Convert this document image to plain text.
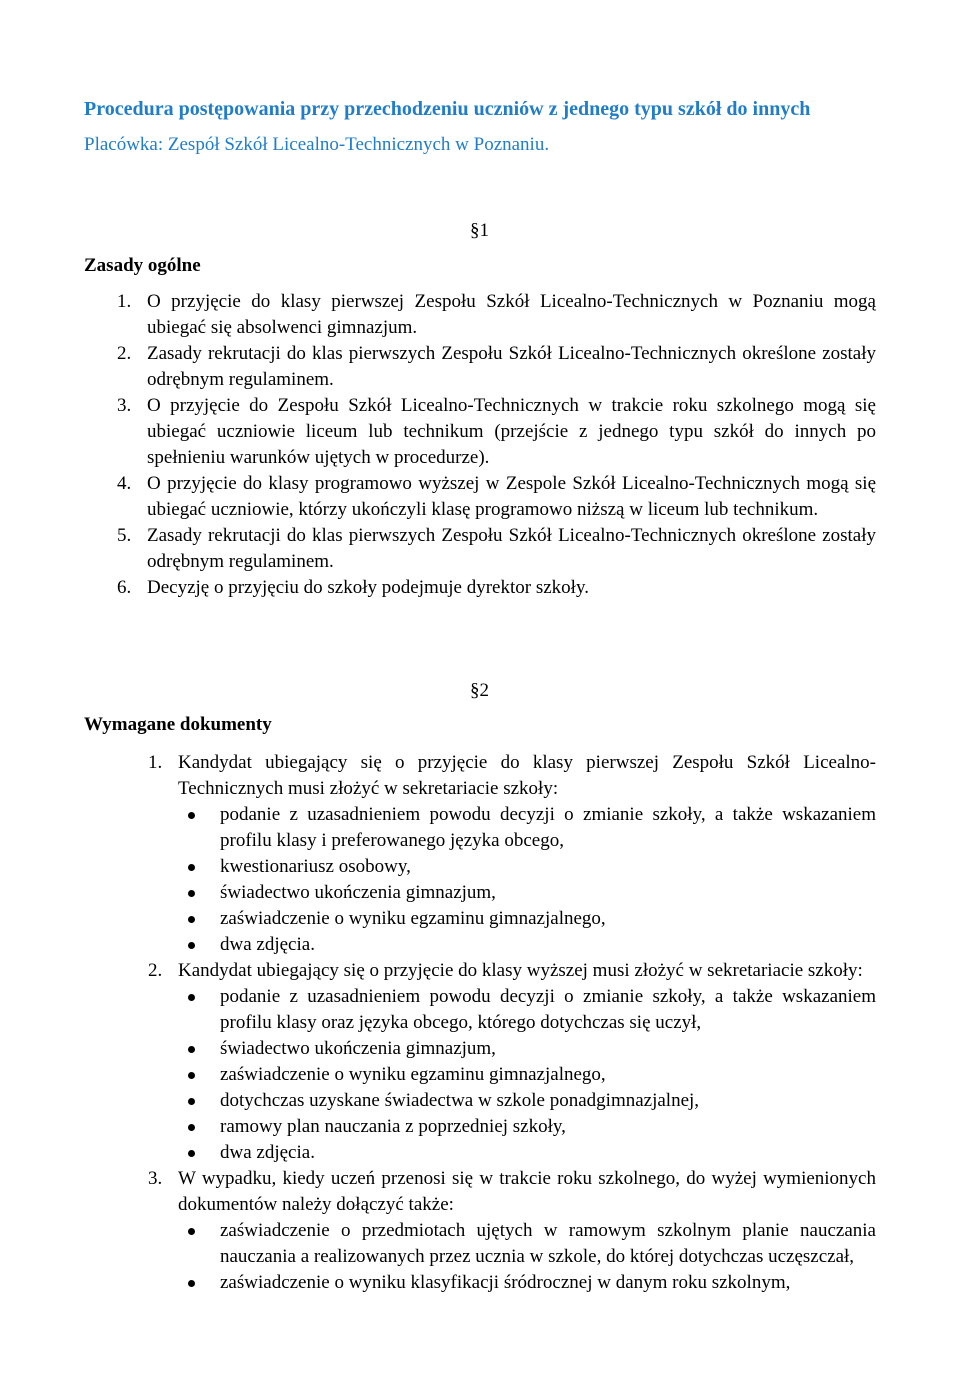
Procedura postępowania przy przechodzeniu uczniów z jednego typu szkół do innych
Placówka: Zespół Szkół Licealno-Technicznych w Poznaniu.
§1
Zasady ogólne
1. O przyjęcie do klasy pierwszej Zespołu Szkół Licealno-Technicznych w Poznaniu mogą ubiegać się absolwenci gimnazjum.
2. Zasady rekrutacji do klas pierwszych Zespołu Szkół Licealno-Technicznych określone zostały odrębnym regulaminem.
3. O przyjęcie do Zespołu Szkół Licealno-Technicznych w trakcie roku szkolnego mogą się ubiegać uczniowie liceum lub technikum (przejście z jednego typu szkół do innych po spełnieniu warunków ujętych w procedurze).
4. O przyjęcie do klasy programowo wyższej w Zespole Szkół Licealno-Technicznych mogą się ubiegać uczniowie, którzy ukończyli klasę programowo niższą w liceum lub technikum.
5. Zasady rekrutacji do klas pierwszych Zespołu Szkół Licealno-Technicznych określone zostały odrębnym regulaminem.
6. Decyzję o przyjęciu do szkoły podejmuje dyrektor szkoły.
§2
Wymagane dokumenty
1. Kandydat ubiegający się o przyjęcie do klasy pierwszej Zespołu Szkół Licealno-Technicznych musi złożyć w sekretariacie szkoły:
podanie z uzasadnieniem powodu decyzji o zmianie szkoły, a także wskazaniem profilu klasy i preferowanego języka obcego,
kwestionariusz osobowy,
świadectwo ukończenia gimnazjum,
zaświadczenie o wyniku egzaminu gimnazjalnego,
dwa zdjęcia.
2. Kandydat ubiegający się o przyjęcie do klasy wyższej musi złożyć w sekretariacie szkoły:
podanie z uzasadnieniem powodu decyzji o zmianie szkoły, a także wskazaniem profilu klasy oraz języka obcego, którego dotychczas się uczył,
świadectwo ukończenia gimnazjum,
zaświadczenie o wyniku egzaminu gimnazjalnego,
dotychczas uzyskane świadectwa w szkole ponadgimnazjalnej,
ramowy plan nauczania z poprzedniej szkoły,
dwa zdjęcia.
3. W wypadku, kiedy uczeń przenosi się w trakcie roku szkolnego, do wyżej wymienionych dokumentów należy dołączyć także:
zaświadczenie o przedmiotach ujętych w ramowym szkolnym planie nauczania nauczania a realizowanych przez ucznia w szkole, do której dotychczas uczęszczał,
zaświadczenie o wyniku klasyfikacji śródrocznej w danym roku szkolnym,
